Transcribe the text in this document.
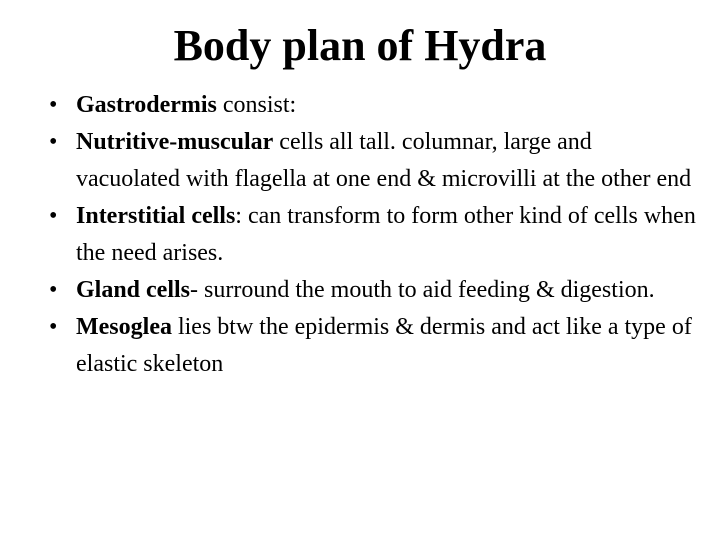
Body plan of Hydra
• Gastrodermis consist:
• Nutritive-muscular cells all tall. columnar, large and vacuolated with flagella at one end & microvilli at the other end
• Interstitial cells: can transform to form other kind of cells when the need arises.
• Gland cells- surround the mouth to aid feeding & digestion.
• Mesoglea lies btw the epidermis & dermis and act like a type of elastic skeleton
